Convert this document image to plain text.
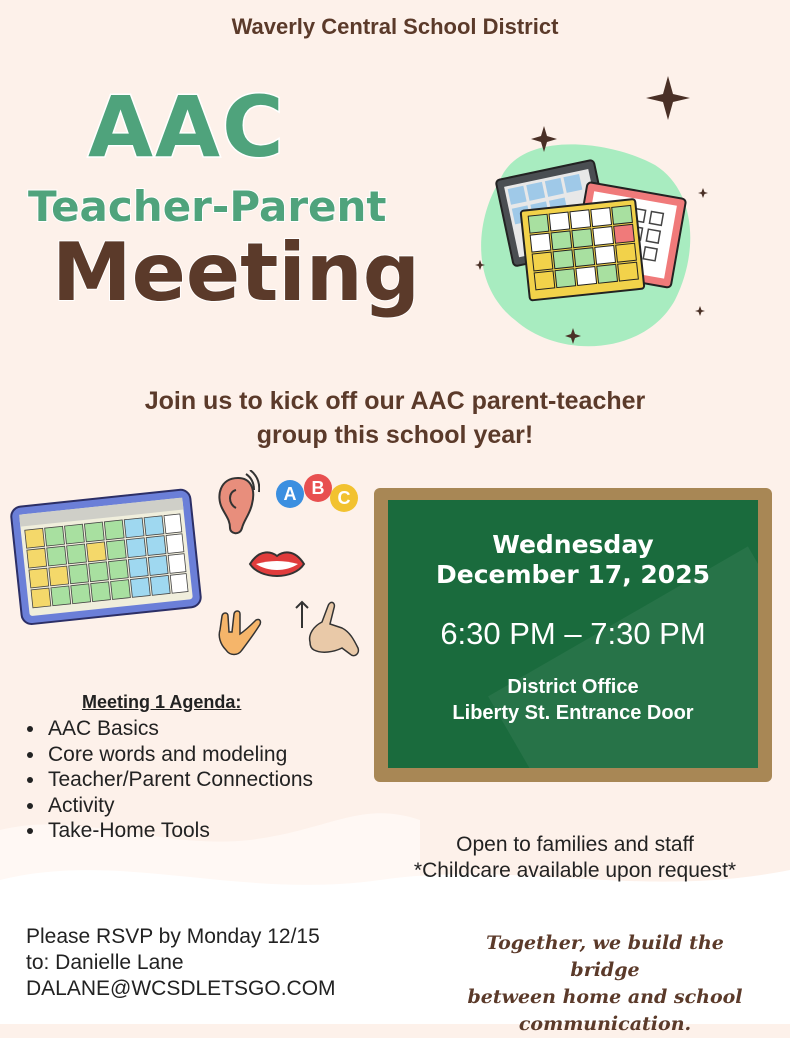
Waverly Central School District
AAC
Teacher-Parent
Meeting
Join us to kick off our AAC parent-teacher
group this school year!
A B C
Wednesday
December 17, 2025
6:30 PM – 7:30 PM
District Office
Liberty St. Entrance Door
Meeting 1 Agenda:
• AAC Basics
• Core words and modeling
• Teacher/Parent Connections
• Activity
• Take-Home Tools
Open to families and staff
*Childcare available upon request*
Please RSVP by Monday 12/15
to: Danielle Lane
DALANE@WCSDLETSGO.COM
Together, we build the bridge
between home and school
communication.
